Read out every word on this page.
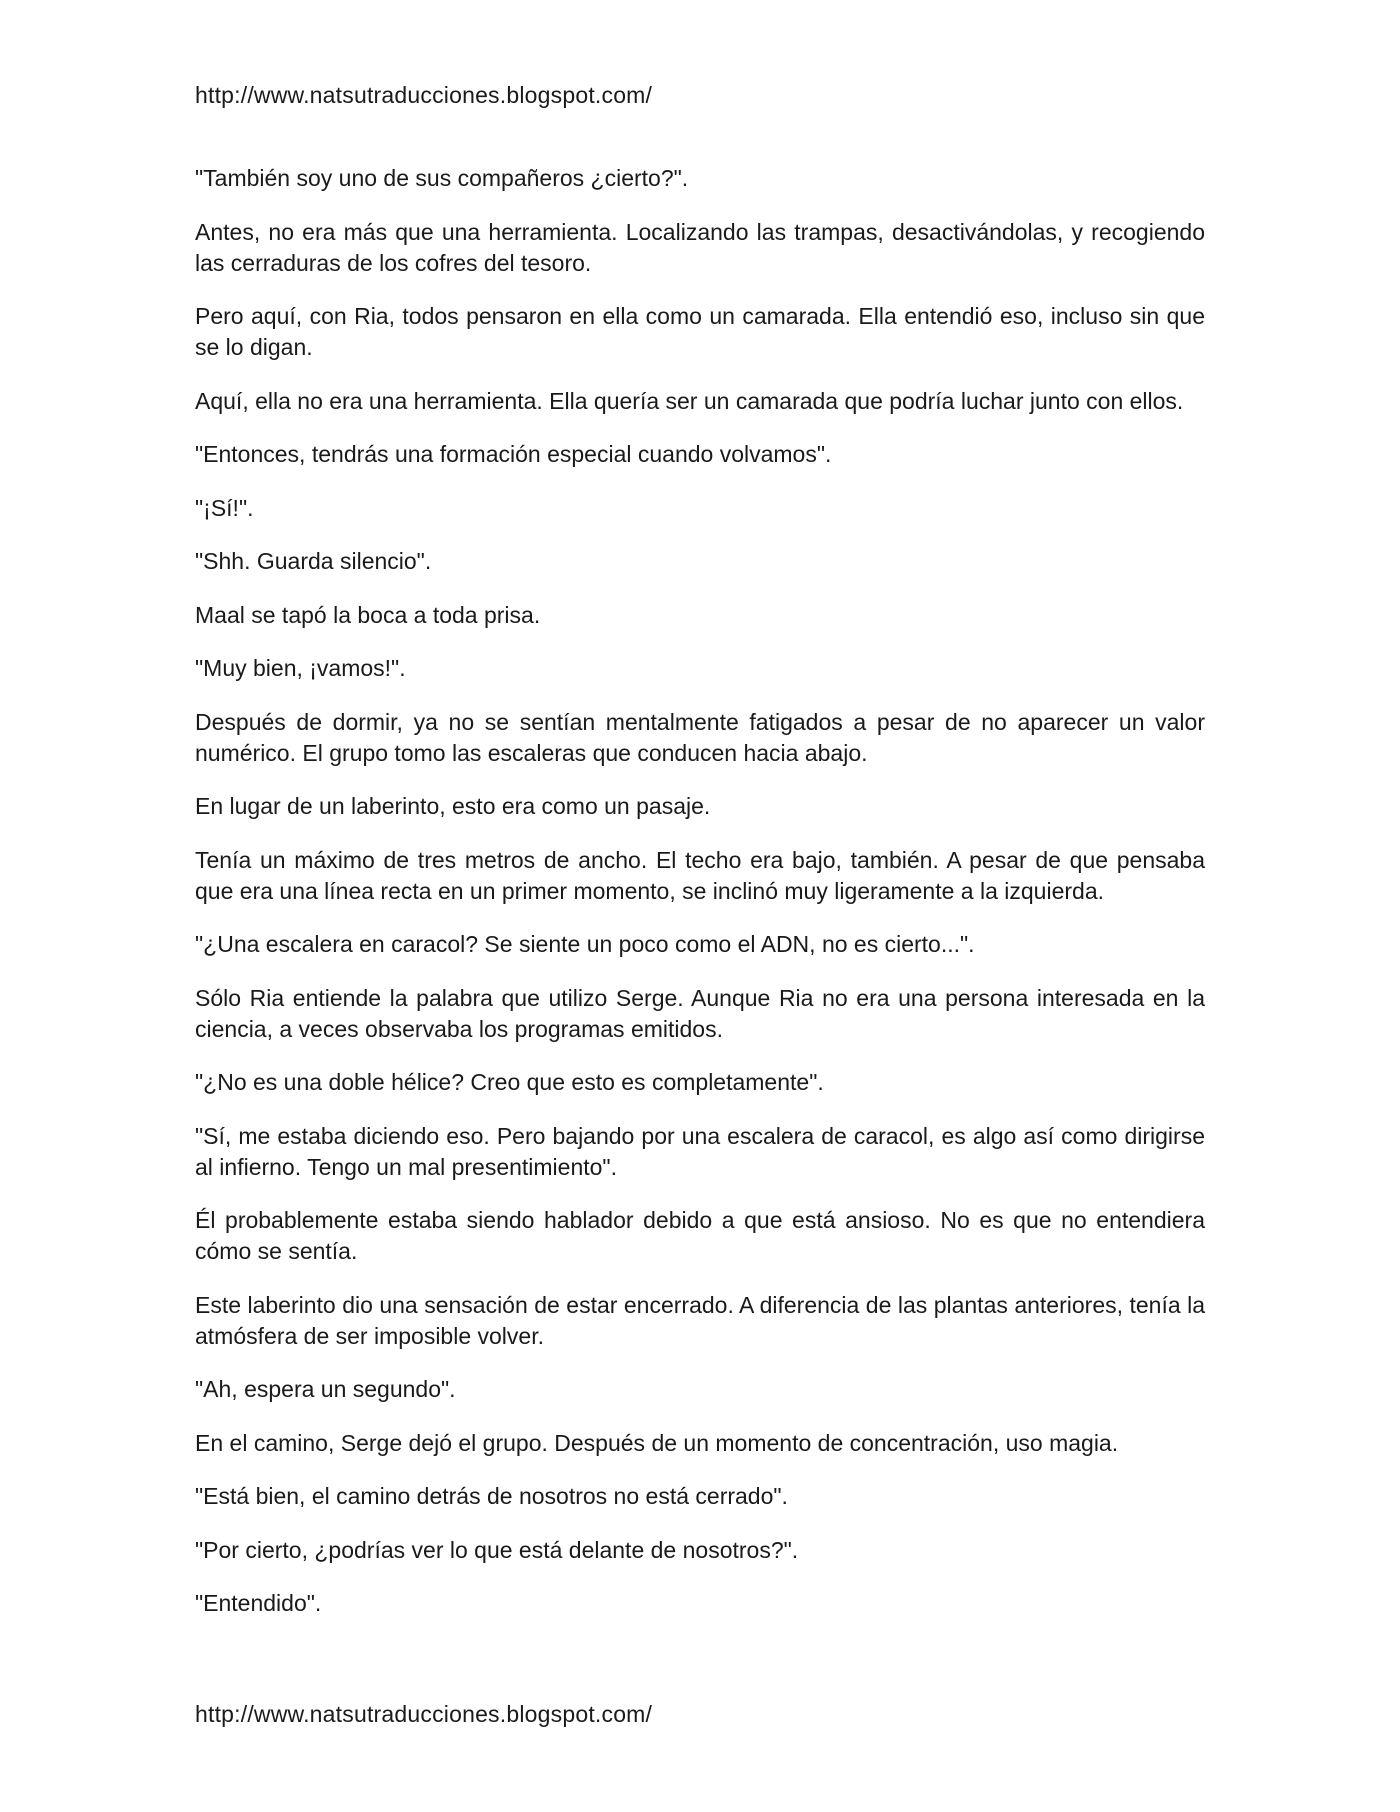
http://www.natsutraducciones.blogspot.com/

"También soy uno de sus compañeros ¿cierto?".

Antes, no era más que una herramienta. Localizando las trampas, desactivándolas, y recogiendo las cerraduras de los cofres del tesoro.

Pero aquí, con Ria, todos pensaron en ella como un camarada. Ella entendió eso, incluso sin que se lo digan.

Aquí, ella no era una herramienta. Ella quería ser un camarada que podría luchar junto con ellos.

"Entonces, tendrás una formación especial cuando volvamos".

"¡Sí!".

"Shh. Guarda silencio".

Maal se tapó la boca a toda prisa.

"Muy bien, ¡vamos!".

Después de dormir, ya no se sentían mentalmente fatigados a pesar de no aparecer un valor numérico. El grupo tomo las escaleras que conducen hacia abajo.

En lugar de un laberinto, esto era como un pasaje.

Tenía un máximo de tres metros de ancho. El techo era bajo, también. A pesar de que pensaba que era una línea recta en un primer momento, se inclinó muy ligeramente a la izquierda.

"¿Una escalera en caracol? Se siente un poco como el ADN, no es cierto...".

Sólo Ria entiende la palabra que utilizo Serge. Aunque Ria no era una persona interesada en la ciencia, a veces observaba los programas emitidos.

"¿No es una doble hélice? Creo que esto es completamente".

"Sí, me estaba diciendo eso. Pero bajando por una escalera de caracol, es algo así como dirigirse al infierno. Tengo un mal presentimiento".

Él probablemente estaba siendo hablador debido a que está ansioso. No es que no entendiera cómo se sentía.

Este laberinto dio una sensación de estar encerrado. A diferencia de las plantas anteriores, tenía la atmósfera de ser imposible volver.

"Ah, espera un segundo".

En el camino, Serge dejó el grupo. Después de un momento de concentración, uso magia.

"Está bien, el camino detrás de nosotros no está cerrado".

"Por cierto, ¿podrías ver lo que está delante de nosotros?".

"Entendido".

http://www.natsutraducciones.blogspot.com/
